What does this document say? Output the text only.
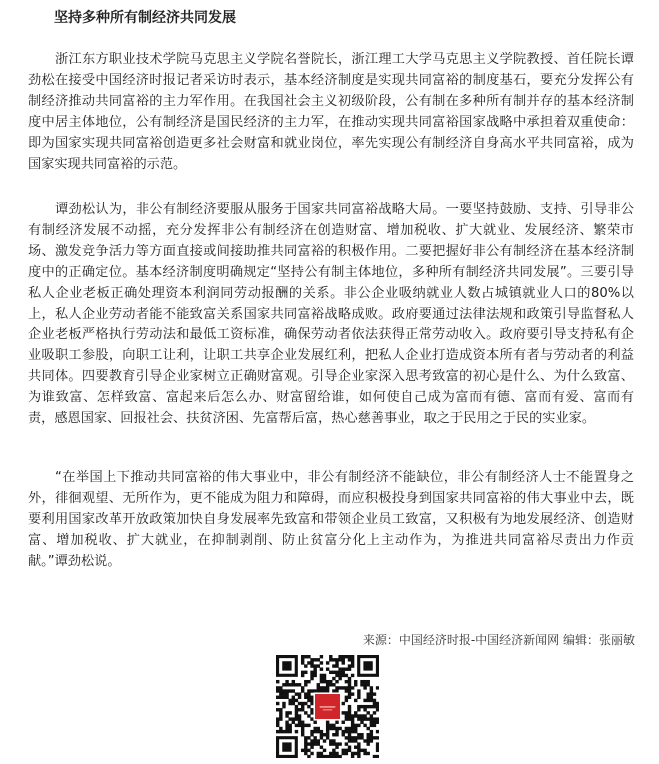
坚持多种所有制经济共同发展

浙江东方职业技术学院马克思主义学院名誉院长，浙江理工大学马克思主义学院教授、首任院长谭劲松在接受中国经济时报记者采访时表示，基本经济制度是实现共同富裕的制度基石，要充分发挥公有制经济推动共同富裕的主力军作用。在我国社会主义初级阶段，公有制在多种所有制并存的基本经济制度中居主体地位，公有制经济是国民经济的主力军，在推动实现共同富裕国家战略中承担着双重使命：即为国家实现共同富裕创造更多社会财富和就业岗位，率先实现公有制经济自身高水平共同富裕，成为国家实现共同富裕的示范。

谭劲松认为，非公有制经济要服从服务于国家共同富裕战略大局。一要坚持鼓励、支持、引导非公有制经济发展不动摇，充分发挥非公有制经济在创造财富、增加税收、扩大就业、发展经济、繁荣市场、激发竞争活力等方面直接或间接助推共同富裕的积极作用。二要把握好非公有制经济在基本经济制度中的正确定位。基本经济制度明确规定“坚持公有制主体地位，多种所有制经济共同发展”。三要引导私人企业老板正确处理资本利润同劳动报酬的关系。非公企业吸纳就业人数占城镇就业人口的80%以上，私人企业劳动者能不能致富关系国家共同富裕战略成败。政府要通过法律法规和政策引导监督私人企业老板严格执行劳动法和最低工资标准，确保劳动者依法获得正常劳动收入。政府要引导支持私有企业吸职工参股，向职工让利，让职工共享企业发展红利，把私人企业打造成资本所有者与劳动者的利益共同体。四要教育引导企业家树立正确财富观。引导企业家深入思考致富的初心是什么、为什么致富、为谁致富、怎样致富、富起来后怎么办、财富留给谁，如何使自己成为富而有德、富而有爱、富而有责，感恩国家、回报社会、扶贫济困、先富帮后富，热心慈善事业，取之于民用之于民的实业家。

“在举国上下推动共同富裕的伟大事业中，非公有制经济不能缺位，非公有制经济人士不能置身之外，徘徊观望、无所作为，更不能成为阻力和障碍，而应积极投身到国家共同富裕的伟大事业中去，既要利用国家改革开放政策加快自身发展率先致富和带领企业员工致富，又积极有为地发展经济、创造财富、增加税收、扩大就业，在抑制剥削、防止贫富分化上主动作为，为推进共同富裕尽责出力作贡献。”谭劲松说。

来源：中国经济时报-中国经济新闻网 编辑：张丽敏
